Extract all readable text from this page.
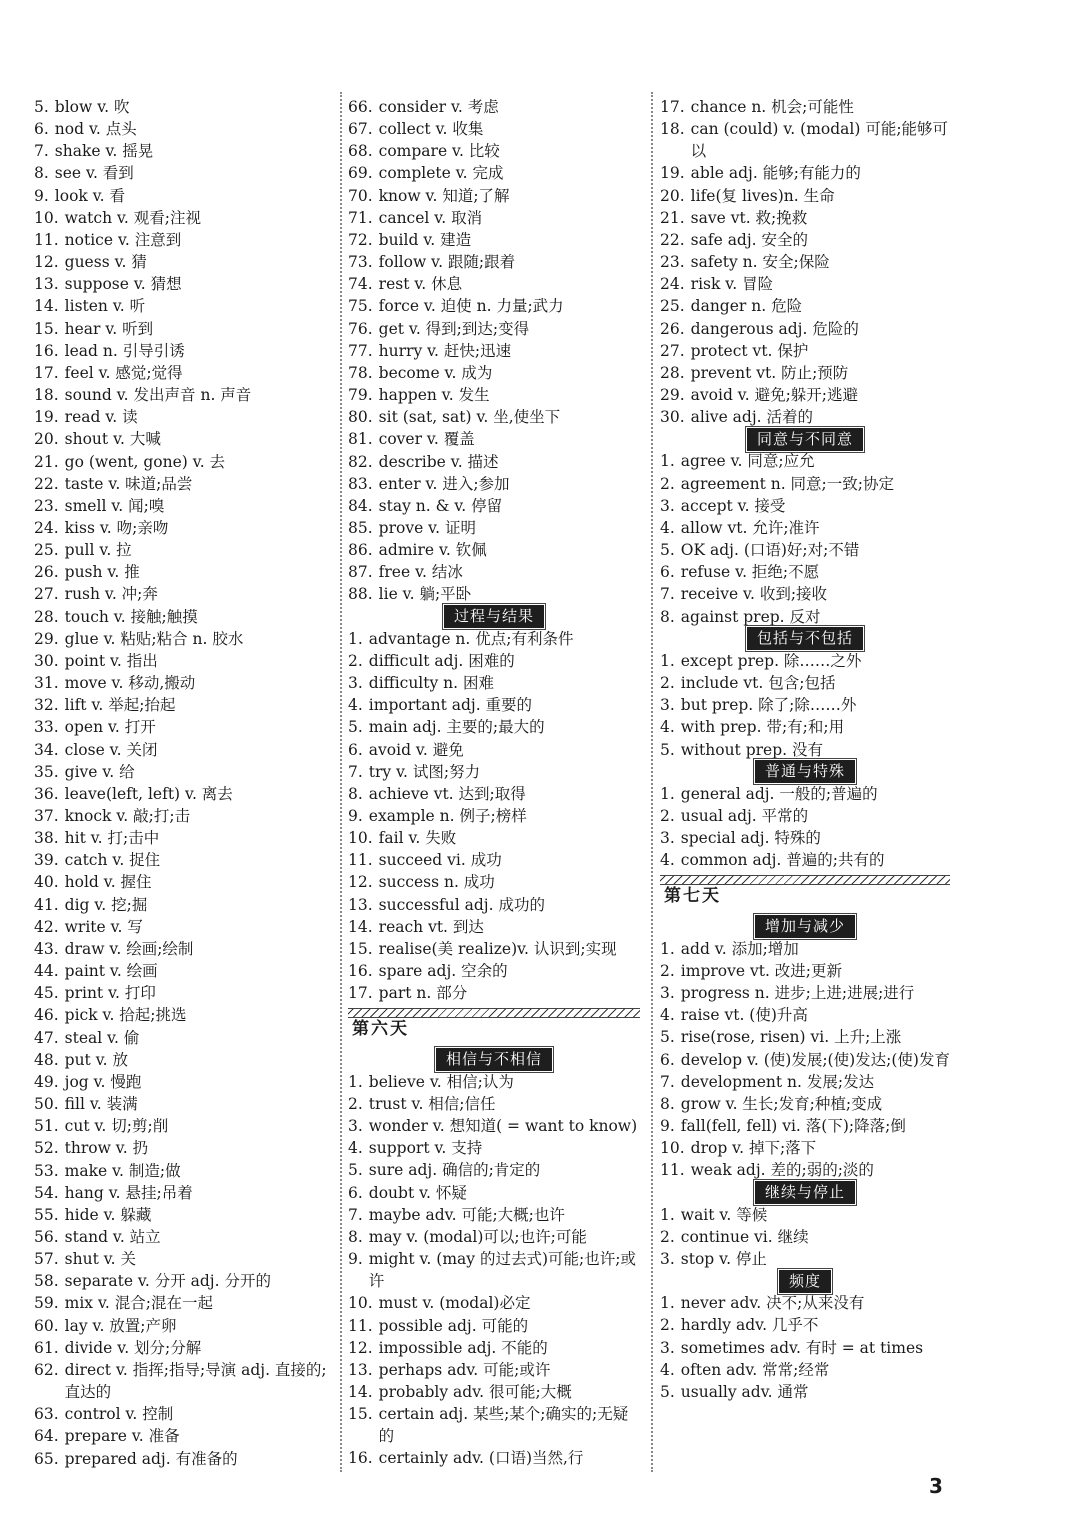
5. blow v. 吹
6. nod v. 点头
7. shake v. 摇晃
8. see v. 看到
9. look v. 看
10. watch v. 观看;注视
11. notice v. 注意到
12. guess v. 猜
13. suppose v. 猜想
14. listen v. 听
15. hear v. 听到
16. lead n. 引导引诱
17. feel v. 感觉;觉得
18. sound v. 发出声音 n. 声音
19. read v. 读
20. shout v. 大喊
21. go (went, gone) v. 去
22. taste v. 味道;品尝
23. smell v. 闻;嗅
24. kiss v. 吻;亲吻
25. pull v. 拉
26. push v. 推
27. rush v. 冲;奔
28. touch v. 接触;触摸
29. glue v. 粘贴;粘合 n. 胶水
30. point v. 指出
31. move v. 移动,搬动
32. lift v. 举起;抬起
33. open v. 打开
34. close v. 关闭
35. give v. 给
36. leave(left, left) v. 离去
37. knock v. 敲;打;击
38. hit v. 打;击中
39. catch v. 捉住
40. hold v. 握住
41. dig v. 挖;掘
42. write v. 写
43. draw v. 绘画;绘制
44. paint v. 绘画
45. print v. 打印
46. pick v. 拾起;挑选
47. steal v. 偷
48. put v. 放
49. jog v. 慢跑
50. fill v. 装满
51. cut v. 切;剪;削
52. throw v. 扔
53. make v. 制造;做
54. hang v. 悬挂;吊着
55. hide v. 躲藏
56. stand v. 站立
57. shut v. 关
58. separate v. 分开 adj. 分开的
59. mix v. 混合;混在一起
60. lay v. 放置;产卵
61. divide v. 划分;分解
62. direct v. 指挥;指导;导演 adj. 直接的;直达的
63. control v. 控制
64. prepare v. 准备
65. prepared adj. 有准备的
66. consider v. 考虑
67. collect v. 收集
68. compare v. 比较
69. complete v. 完成
70. know v. 知道;了解
71. cancel v. 取消
72. build v. 建造
73. follow v. 跟随;跟着
74. rest v. 休息
75. force v. 迫使 n. 力量;武力
76. get v. 得到;到达;变得
77. hurry v. 赶快;迅速
78. become v. 成为
79. happen v. 发生
80. sit (sat, sat) v. 坐,使坐下
81. cover v. 覆盖
82. describe v. 描述
83. enter v. 进入;参加
84. stay n. & v. 停留
85. prove v. 证明
86. admire v. 钦佩
87. free v. 结冰
88. lie v. 躺;平卧
过程与结果
1. advantage n. 优点;有利条件
2. difficult adj. 困难的
3. difficulty n. 困难
4. important adj. 重要的
5. main adj. 主要的;最大的
6. avoid v. 避免
7. try v. 试图;努力
8. achieve vt. 达到;取得
9. example n. 例子;榜样
10. fail v. 失败
11. succeed vi. 成功
12. success n. 成功
13. successful adj. 成功的
14. reach vt. 到达
15. realise(美 realize)v. 认识到;实现
16. spare adj. 空余的
17. part n. 部分
第六天
相信与不相信
1. believe v. 相信;认为
2. trust v. 相信;信任
3. wonder v. 想知道( = want to know)
4. support v. 支持
5. sure adj. 确信的;肯定的
6. doubt v. 怀疑
7. maybe adv. 可能;大概;也许
8. may v. (modal)可以;也许;可能
9. might v. (may 的过去式)可能;也许;或许
10. must v. (modal)必定
11. possible adj. 可能的
12. impossible adj. 不能的
13. perhaps adv. 可能;或许
14. probably adv. 很可能;大概
15. certain adj. 某些;某个;确实的;无疑的
16. certainly adv. (口语)当然,行
17. chance n. 机会;可能性
18. can (could) v. (modal) 可能;能够可以
19. able adj. 能够;有能力的
20. life(复 lives)n. 生命
21. save vt. 救;挽救
22. safe adj. 安全的
23. safety n. 安全;保险
24. risk v. 冒险
25. danger n. 危险
26. dangerous adj. 危险的
27. protect vt. 保护
28. prevent vt. 防止;预防
29. avoid v. 避免;躲开;逃避
30. alive adj. 活着的
同意与不同意
1. agree v. 同意;应允
2. agreement n. 同意;一致;协定
3. accept v. 接受
4. allow vt. 允许;准许
5. OK adj. (口语)好;对;不错
6. refuse v. 拒绝;不愿
7. receive v. 收到;接收
8. against prep. 反对
包括与不包括
1. except prep. 除……之外
2. include vt. 包含;包括
3. but prep. 除了;除……外
4. with prep. 带;有;和;用
5. without prep. 没有
普通与特殊
1. general adj. 一般的;普遍的
2. usual adj. 平常的
3. special adj. 特殊的
4. common adj. 普遍的;共有的
第七天
增加与减少
1. add v. 添加;增加
2. improve vt. 改进;更新
3. progress n. 进步;上进;进展;进行
4. raise vt. (使)升高
5. rise(rose, risen) vi. 上升;上涨
6. develop v. (使)发展;(使)发达;(使)发育
7. development n. 发展;发达
8. grow v. 生长;发育;种植;变成
9. fall(fell, fell) vi. 落(下);降落;倒
10. drop v. 掉下;落下
11. weak adj. 差的;弱的;淡的
继续与停止
1. wait v. 等候
2. continue vi. 继续
3. stop v. 停止
频度
1. never adv. 决不;从来没有
2. hardly adv. 几乎不
3. sometimes adv. 有时 = at times
4. often adv. 常常;经常
5. usually adv. 通常
3
